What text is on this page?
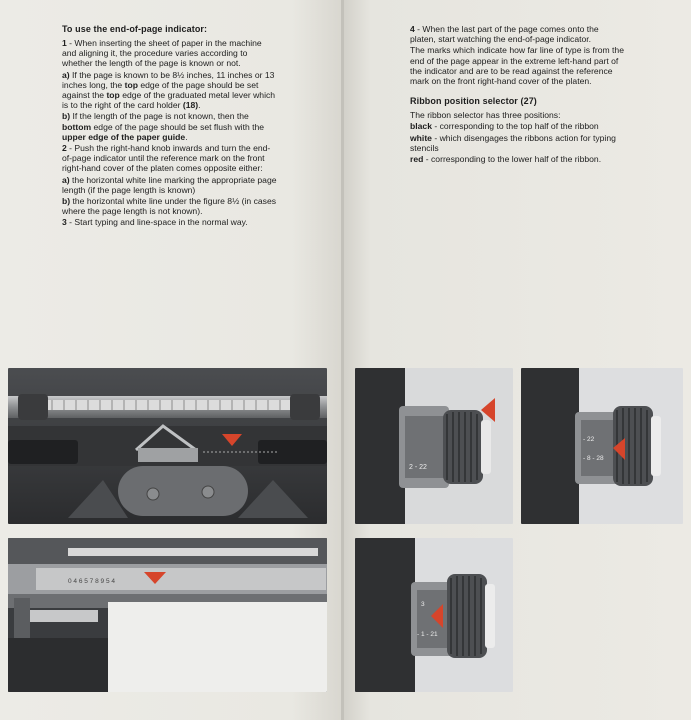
To use the end-of-page indicator:

1 - When inserting the sheet of paper in the machine and aligning it, the procedure varies according to whether the length of the page is known or not.

a) If the page is known to be 8½ inches, 11 inches or 13 inches long, the top edge of the page should be set against the top edge of the graduated metal lever which is to the right of the card holder (18).

b) If the length of the page is not known, then the bottom edge of the page should be set flush with the upper edge of the paper guide.

2 - Push the right-hand knob inwards and turn the end-of-page indicator until the reference mark on the front right-hand cover of the platen comes opposite either:

a) the horizontal white line marking the appropriate page length (if the page length is known)

b) the horizontal white line under the figure 8½ (in cases where the page length is not known).

3 - Start typing and line-space in the normal way.

4 - When the last part of the page comes onto the platen, start watching the end-of-page indicator.

The marks which indicate how far line of type is from the end of the page appear in the extreme left-hand part of the indicator and are to be read against the reference mark on the front right-hand cover of the platen.

Ribbon position selector (27)

The ribbon selector has three positions:

black - corresponding to the top half of the ribbon

white - which disengages the ribbons action for typing stencils

red - corresponding to the lower half of the ribbon.

0 4 6 5 7 8 9 5 4
2 - 22
- 22
- 8 - 28
3
- 1 - 21
